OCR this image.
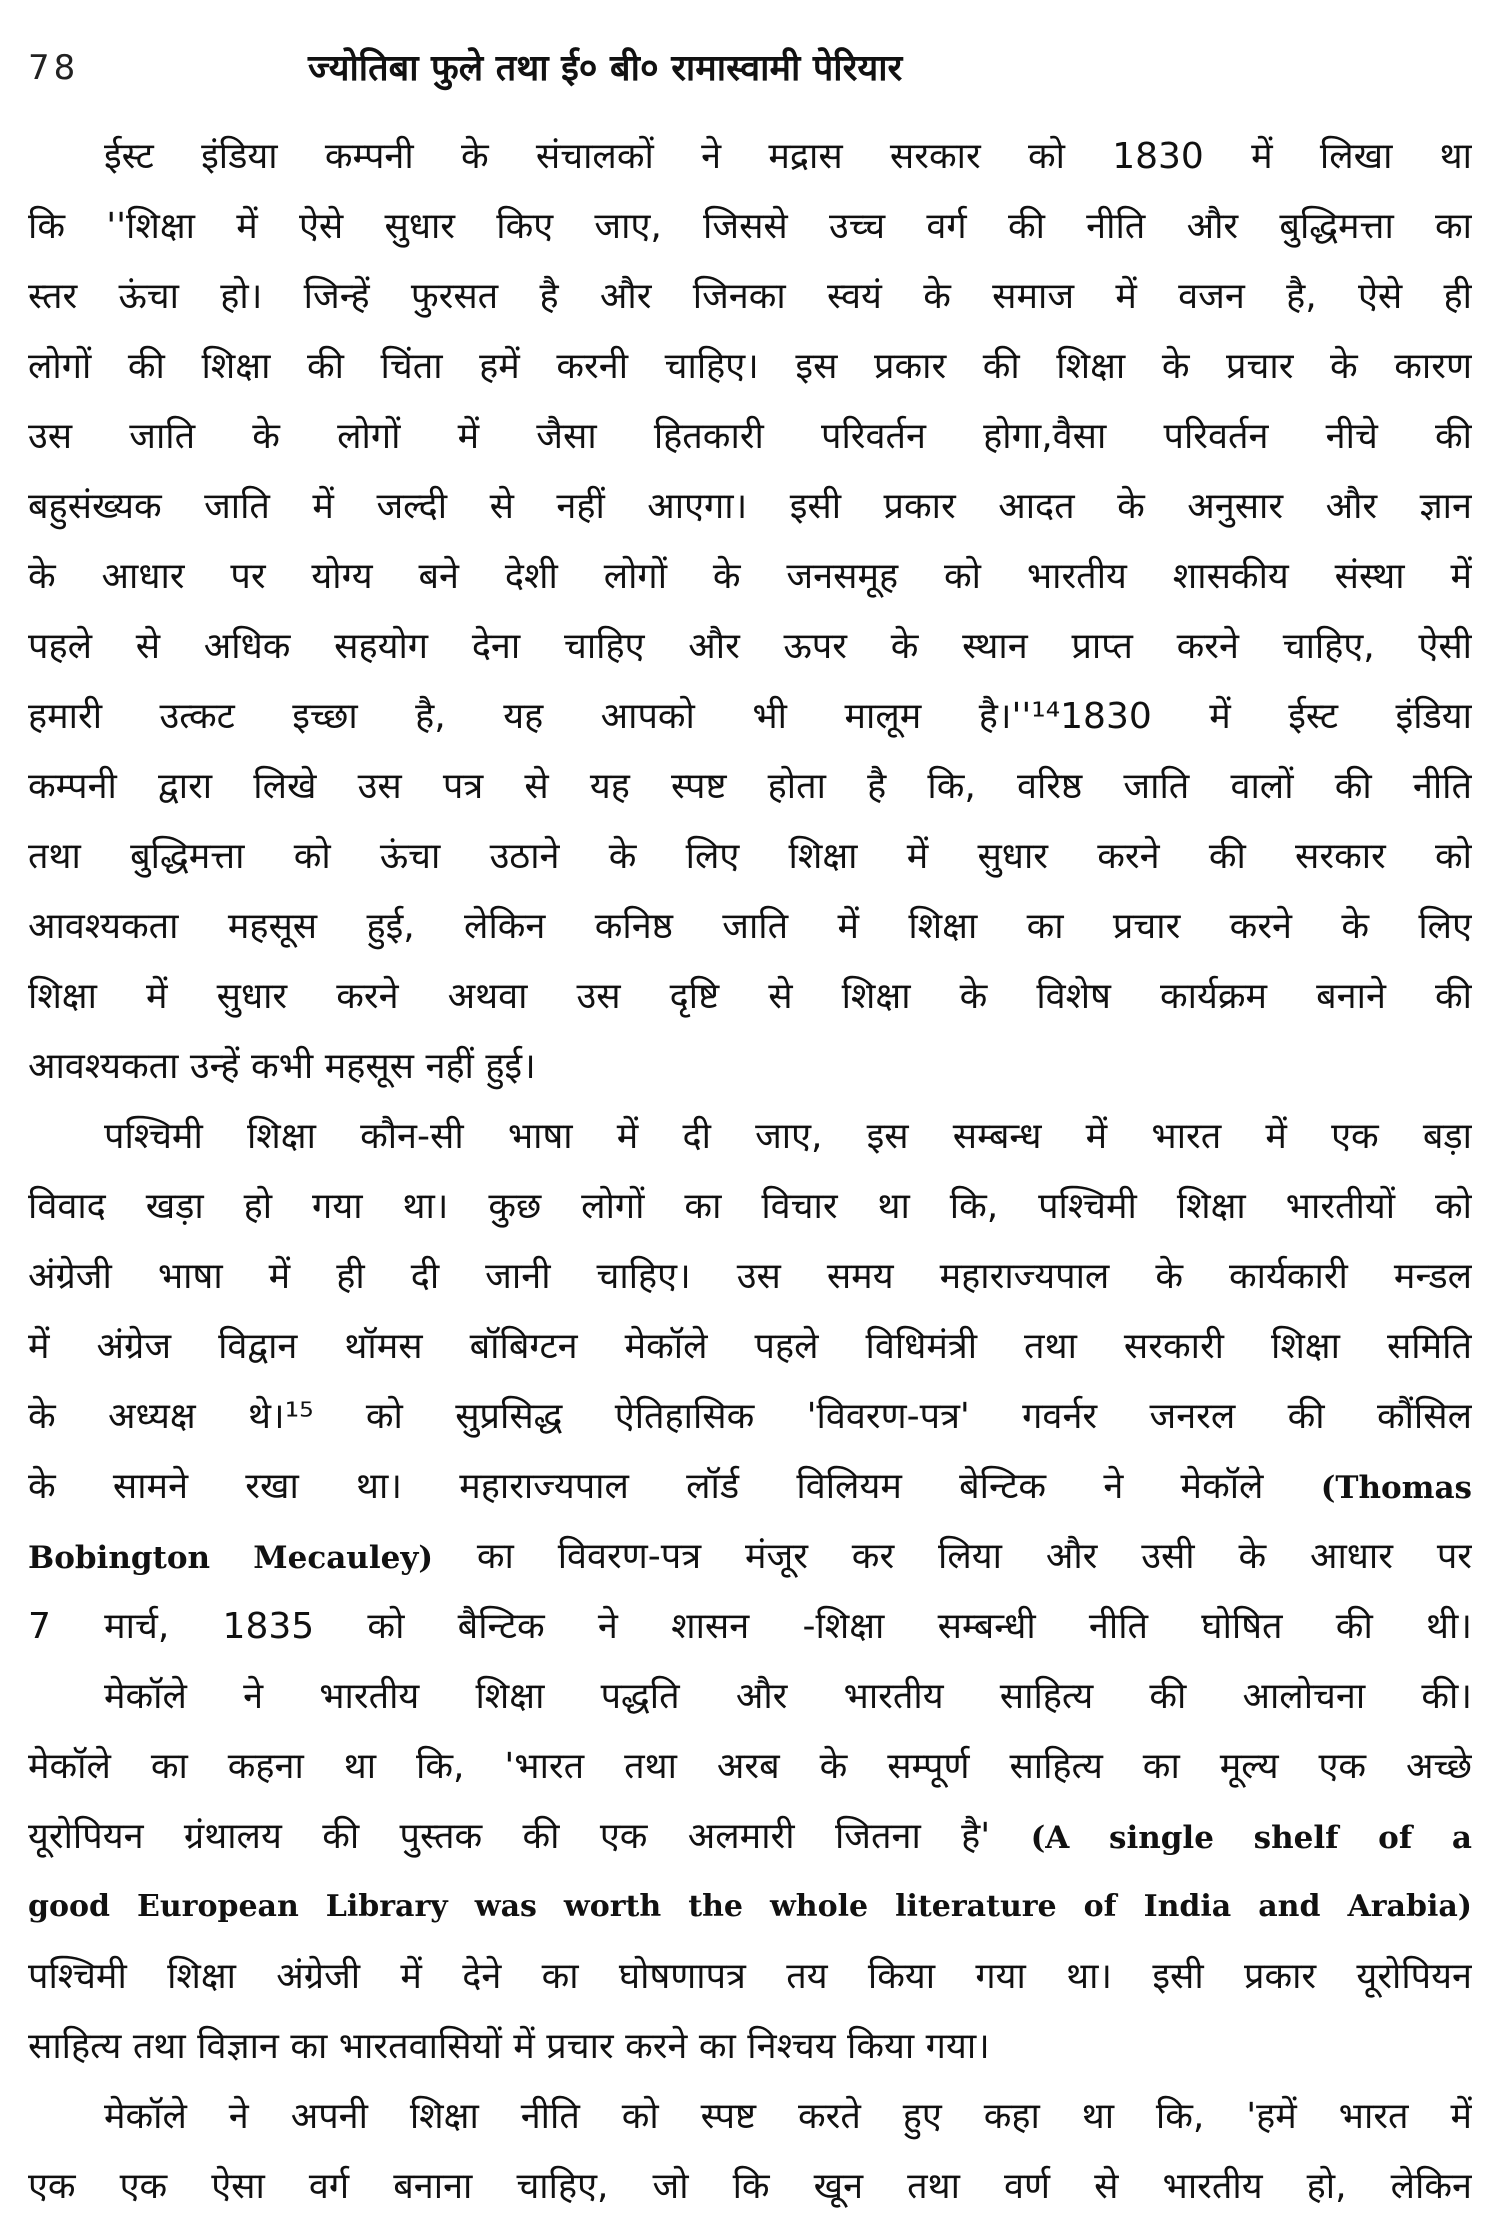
78	ज्योतिबा फुले तथा ई० बी० रामास्वामी पेरियार
ईस्ट इंडिया कम्पनी के संचालकों ने मद्रास सरकार को 1830 में लिखा था
कि ''शिक्षा में ऐसे सुधार किए जाए, जिससे उच्च वर्ग की नीति और बुद्धिमत्ता का
स्तर ऊंचा हो। जिन्हें फुरसत है और जिनका स्वयं के समाज में वजन है, ऐसे ही
लोगों की शिक्षा की चिंता हमें करनी चाहिए। इस प्रकार की शिक्षा के प्रचार के कारण
उस जाति के लोगों में जैसा हितकारी परिवर्तन होगा,वैसा परिवर्तन नीचे की
बहुसंख्यक जाति में जल्दी से नहीं आएगा। इसी प्रकार आदत के अनुसार और ज्ञान
के आधार पर योग्य बने देशी लोगों के जनसमूह को भारतीय शासकीय संस्था में
पहले से अधिक सहयोग देना चाहिए और ऊपर के स्थान प्राप्त करने चाहिए, ऐसी
हमारी उत्कट इच्छा है, यह आपको भी मालूम है।''¹⁴1830 में ईस्ट इंडिया
कम्पनी द्वारा लिखे उस पत्र से यह स्पष्ट होता है कि, वरिष्ठ जाति वालों की नीति
तथा बुद्धिमत्ता को ऊंचा उठाने के लिए शिक्षा में सुधार करने की सरकार को
आवश्यकता महसूस हुई, लेकिन कनिष्ठ जाति में शिक्षा का प्रचार करने के लिए
शिक्षा में सुधार करने अथवा उस दृष्टि से शिक्षा के विशेष कार्यक्रम बनाने की
आवश्यकता उन्हें कभी महसूस नहीं हुई।
पश्चिमी शिक्षा कौन-सी भाषा में दी जाए, इस सम्बन्ध में भारत में एक बड़ा
विवाद खड़ा हो गया था। कुछ लोगों का विचार था कि, पश्चिमी शिक्षा भारतीयों को
अंग्रेजी भाषा में ही दी जानी चाहिए। उस समय महाराज्यपाल के कार्यकारी मन्डल
में अंग्रेज विद्वान थॉमस बॉबिग्टन मेकॉले पहले विधिमंत्री तथा सरकारी शिक्षा समिति
के अध्यक्ष थे।¹⁵ को सुप्रसिद्ध ऐतिहासिक 'विवरण-पत्र' गवर्नर जनरल की कौंसिल
के सामने रखा था। महाराज्यपाल लॉर्ड विलियम बेन्टिक ने मेकॉले (Thomas
Bobington Mecauley) का विवरण-पत्र मंजूर कर लिया और उसी के आधार पर
7 मार्च, 1835 को बैन्टिक ने शासन -शिक्षा सम्बन्धी नीति घोषित की थी।
मेकॉले ने भारतीय शिक्षा पद्धति और भारतीय साहित्य की आलोचना की।
मेकॉले का कहना था कि, 'भारत तथा अरब के सम्पूर्ण साहित्य का मूल्य एक अच्छे
यूरोपियन ग्रंथालय की पुस्तक की एक अलमारी जितना है' (A single shelf of a
good European Library was worth the whole literature of India and Arabia)
पश्चिमी शिक्षा अंग्रेजी में देने का घोषणापत्र तय किया गया था। इसी प्रकार यूरोपियन
साहित्य तथा विज्ञान का भारतवासियों में प्रचार करने का निश्चय किया गया।
मेकॉले ने अपनी शिक्षा नीति को स्पष्ट करते हुए कहा था कि, 'हमें भारत में
एक एक ऐसा वर्ग बनाना चाहिए, जो कि खून तथा वर्ण से भारतीय हो, लेकिन
